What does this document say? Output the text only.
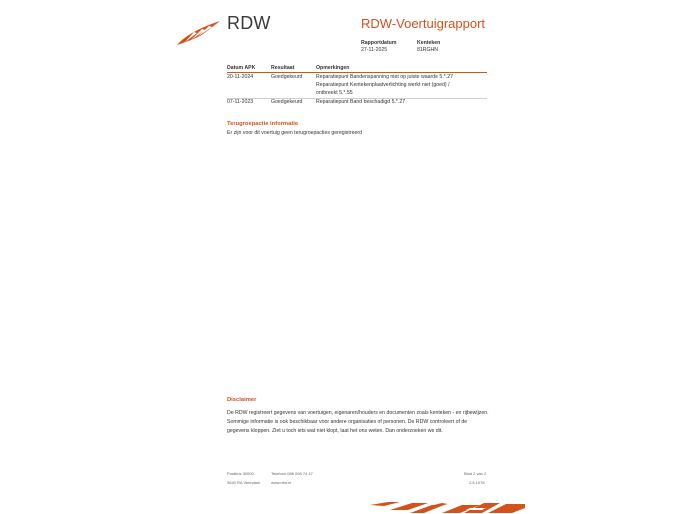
RDW	RDW-Voertuigrapport
Rapportdatum
27-11-2025
Kenteken
81RGHN
Datum APK	Resultaat	Opmerkingen
20-11-2024	Goedgekeurd	Reparatiepunt Bandenspanning niet op juiste waarde 5.*.27
Reparatiepunt Kentekenplaatverlichting werkt niet (goed) /
ontbreekt 5.*.55
07-11-2023	Goedgekeurd	Reparatiepunt Band beschadigd 5.*.27
Terugroepactie informatie
Er zijn voor dit voertuig geen terugroepacties geregistreerd
Disclaimer
De RDW registreert gegevens van voertuigen, eigenaren/houders en documenten zoals kenteken - en rijbewijzen. Sommige informatie is ook beschikbaar voor andere organisaties of personen. De RDW controleert of de gegevens kloppen. Ziet u toch iets wat niet klopt, laat het ons weten. Dan onderzoeken we dit.
Postbus 30000	Telefoon 088 008 74 47	Blad 2 van 2
9640 RA Veendam	www.rdw.nl	2.6.1078
